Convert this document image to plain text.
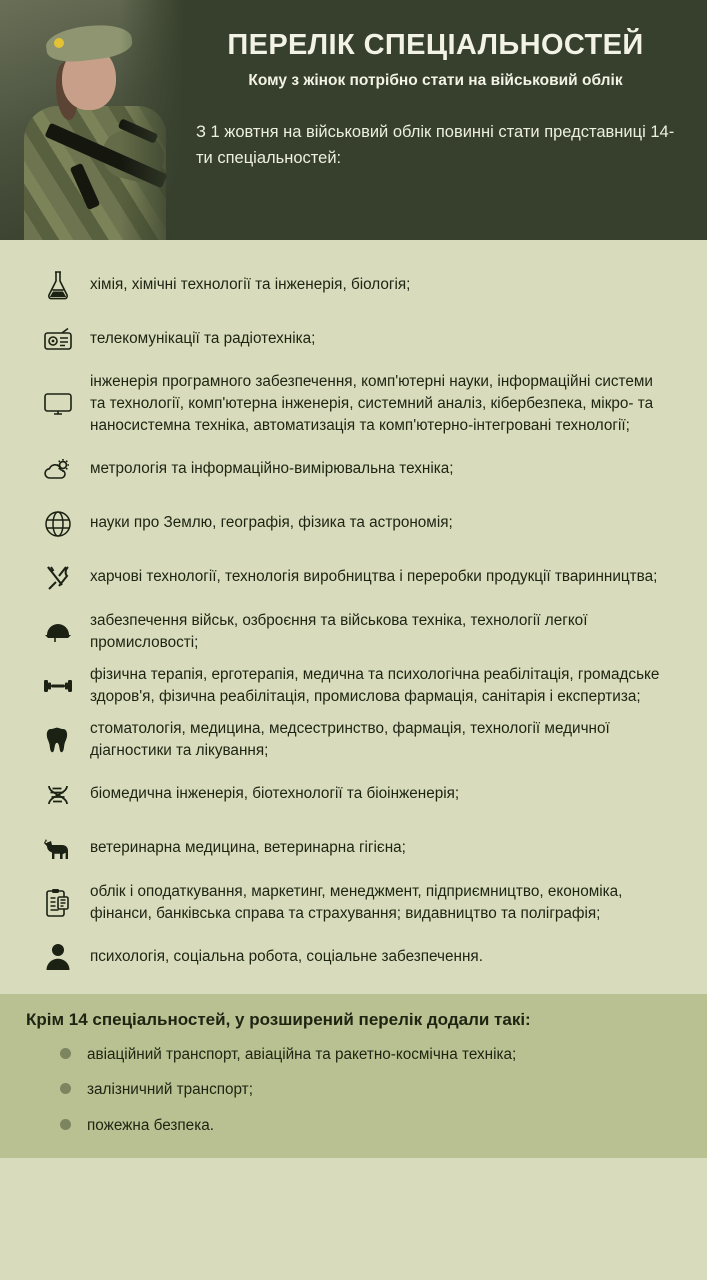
ПЕРЕЛІК СПЕЦІАЛЬНОСТЕЙ
Кому з жінок потрібно стати на військовий облік

З 1 жовтня на військовий облік повинні стати представниці 14-ти спеціальностей:

хімія, хімічні технології та інженерія, біологія;
телекомунікації та радіотехніка;
інженерія програмного забезпечення, комп'ютерні науки, інформаційні системи та технології, комп'ютерна інженерія, системний аналіз, кібербезпека, мікро- та наносистемна техніка, автоматизація та комп'ютерно-інтегровані технології;
метрологія та інформаційно-вимірювальна техніка;
науки про Землю, географія, фізика та астрономія;
харчові технології, технологія виробництва і переробки продукції тваринництва;
забезпечення військ, озброєння та військова техніка, технології легкої промисловості;
фізична терапія, ерготерапія, медична та психологічна реабілітація, громадське здоров'я, фізична реабілітація, промислова фармація, санітарія і експертиза;
стоматологія, медицина, медсестринство, фармація, технології медичної діагностики та лікування;
біомедична інженерія, біотехнології та біоінженерія;
ветеринарна медицина, ветеринарна гігієна;
облік і оподаткування, маркетинг, менеджмент, підприємництво, економіка, фінанси, банківська справа та страхування; видавництво та поліграфія;
психологія, соціальна робота, соціальне забезпечення.

Крім 14 спеціальностей, у розширений перелік додали такі:

авіаційний транспорт, авіаційна та ракетно-космічна техніка;
залізничний транспорт;
пожежна безпека.
